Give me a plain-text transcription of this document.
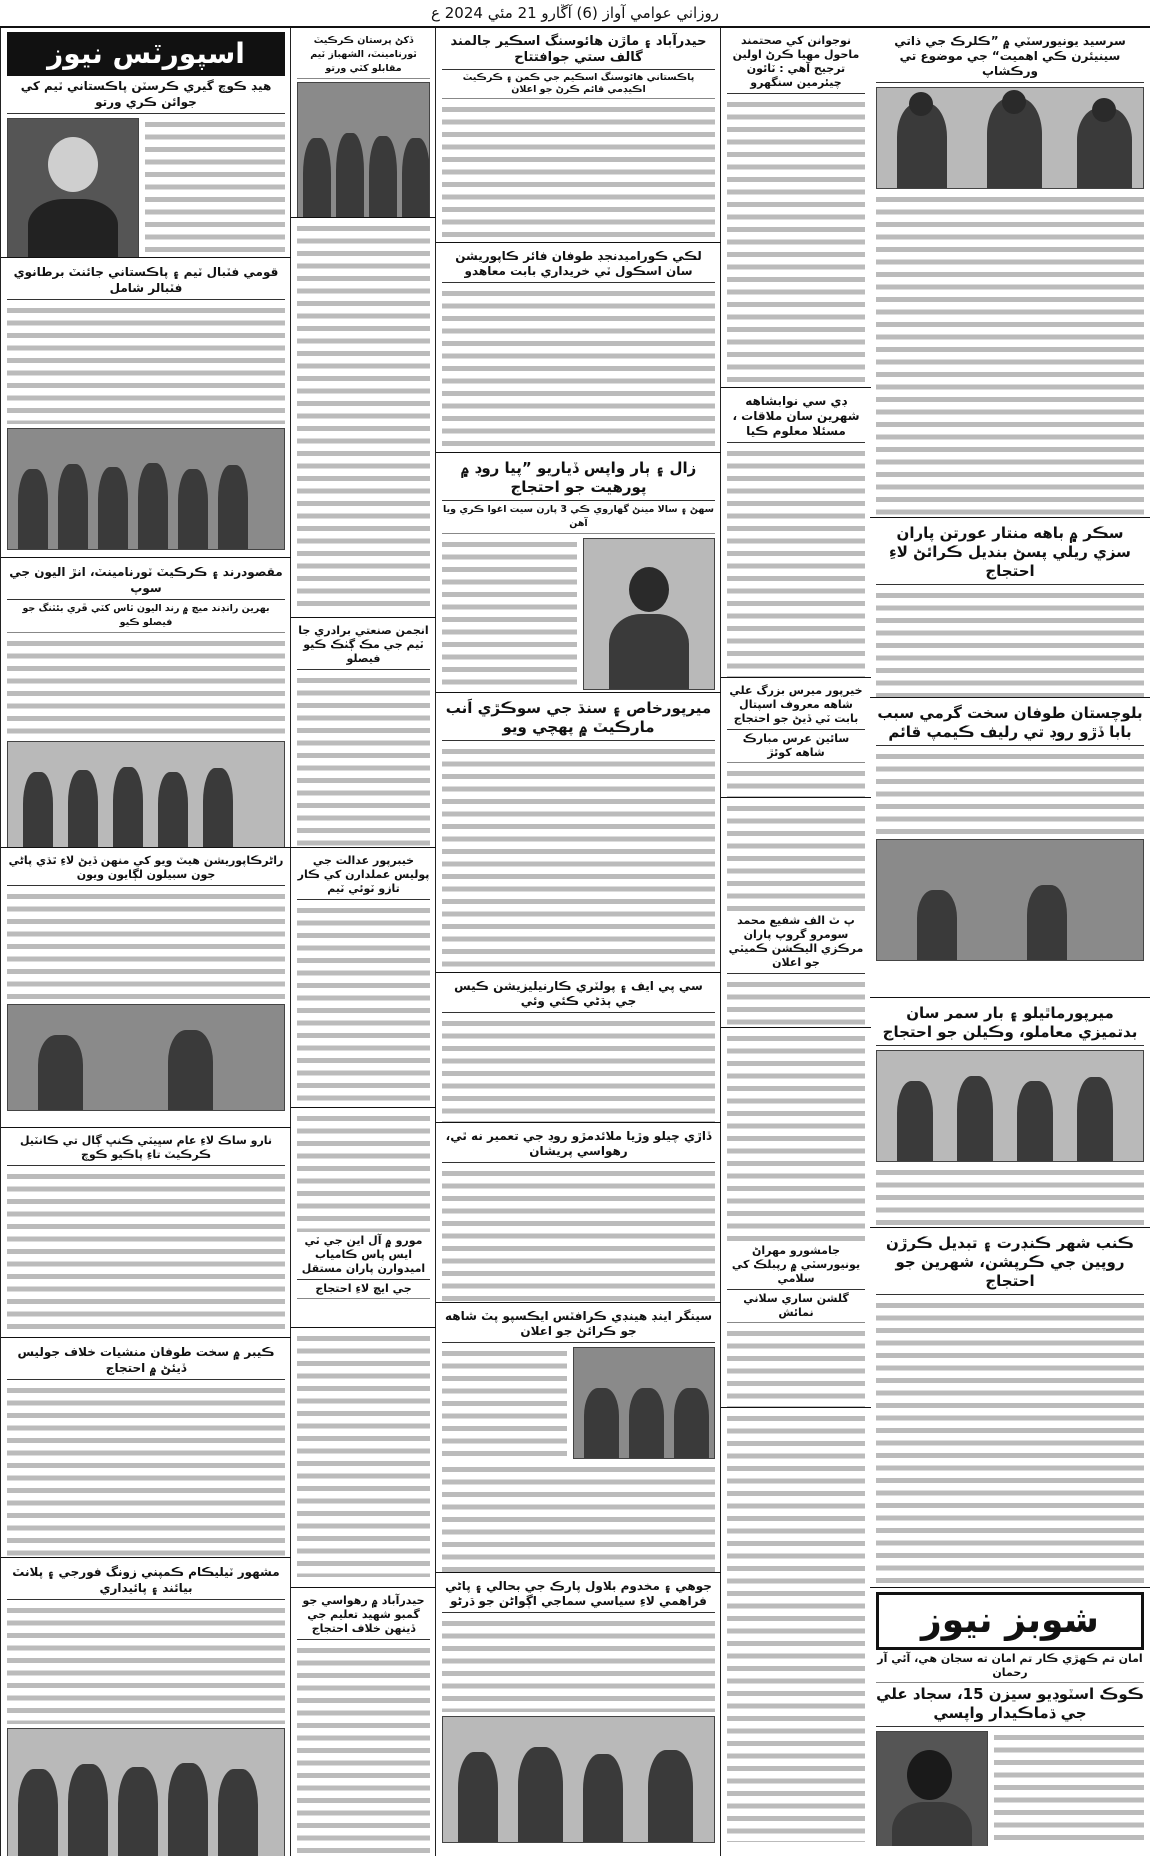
روزاني عوامي آواز (6) آڱارو 21 مئي 2024 ع
سرسيد يونيورسٽي ۾ ”ڪلرڪ جي ذاتي سينيئرن ڪي اهميت“ جي موضوع تي ورڪشاپ
سڪر ۾ باهه منتار عورتن پاران سزي ريلي پسڻ بنديل ڪرائڻ لاءِ احتجاج
بلوچستان طوفان سخت گرمي سبب بابا ڏڙو روڊ تي رليف ڪيمپ قائم
ميرپورماٿيلو ۽ بار سمر سان بدتميزي معاملو، وڪيلن جو احتجاج
ڪنب شهر ڪنڊرت ۽ تبديل ڪرڙن روپين جي ڪرپشن، شهرين جو احتجاج
شوبز نيوز
امان تم ڪهڙي ڪار تم امان ته سجان هي، آئي آر رحمان
ڪوڪ اسٽوڊيو سيزن 15، سجاد علي جي ڌماڪيدار واپسي
نوجوانن کي صحتمند ماحول مهيا ڪرڻ اولين ترجيح آهي : ٽائون چيئرمين سنگهرو
ڊي سي نوابشاهه شهرين سان ملاقات ، مسئلا معلوم ڪيا
خيرپور ميرس بزرگ علي شاهه معروف اسپتال بابت ٽي ڏيڻ جو احتجاج
سائين عرس مبارڪ شاهه کوئڙ
پ ٽ الف شفيع محمد سومرو گروپ پاران مرڪزي اليڪشن ڪميٽي جو اعلان
جامشورو مهراڻ يونيورسٽي ۾ رپبلڪ کي سلامي
گلشن ساري سلاني نمائش
حيدرآباد ۽ ماڙن هائوسنگ اسڪير جالمند گالف ستي جوافتتاح
پاڪستاني هائوسنگ اسڪيم جي ڪمن ۽ ڪرڪيٽ اڪيڊمي قائم ڪرڻ جو اعلان
لڪي ڪوراميدنجڊ طوفان فائر ڪاپوريشن سان اسڪول ٽي خريداري بابت معاهدو
زال ۽ ٻار واپس ڏياريو ”پيا روڊ ۾ پورهيت جو احتجاج
سهڻ ۽ سالا مينڻ گهاروي ڪي 3 پارن سيت اغوا ڪري ويا آهن
ميرپورخاص ۽ سنڌ جي سوڪڙي اَنب مارڪيٽ ۾ پهچي ويو
سي پي ايف ۽ پولٽري ڪارنيليزيشن ڪيس جي ٻڌڻي ڪئي وئي
ڏاڙي چيلو وڙيا ملائدمڙو روڊ جي تعمير نه ٿي، رهواسي پريشان
سينگر اينڊ هينڊي ڪرافٽس ايڪسپو پٽ شاهه جو ڪرائڻ جو اعلان
جوهي ۽ مخدوم بلاول پارڪ جي بحالي ۽ پاڻي فراهمي لاءِ سياسي سماجي اڳواڻن جو ڌرڻو
ڏکڻ پرستان ڪرڪيٽ ٽورنامينٽ، الشهباز ٽيم مقابلو کٽي ورتو
انجمن صنعتي برادري جا ٽيم جي مڪ ڳٺڪ ڪيو فيصلو
خيبرپور عدالت جي پوليس عملدارن کي ڪار تازو ٽوئي ٽيم
مورو ۾ آل اين جي ٽي ايس پاس ڪامياب اميدوارن پاران مستقل
جي ايچ لاءِ احتجاج
حيدرآباد ۾ رهواسي جو گمبو شهيد تعليم جي ڏينهن خلاف احتجاج
اسپورٽس نيوز
هيڊ ڪوچ گيري ڪرسٽن پاڪستاني ٽيم کي جوائن ڪري ورتو
قومي فٽبال ٽيم ۽ پاڪستاني جائنٽ برطانوي فٽبالر شامل
مقصودرند ۽ ڪرڪيٽ ٽورنامينٽ، انڙ اليون جي سوپ
بهرين رانڊند ميچ ۾ رند اليون ٽاس کٽي ڦري بئٽنگ جو فيصلو ڪيو
راڻرڪاپوريشن هيٽ ويو کي منهن ڏيڻ لاءِ ٿڌي پاڻي جون سبيلون لڳايون ويون
نارو ساڪ لاءِ عام سڀيٽي ڪنڀ ڳال تي ڪانٽيل ڪرڪيٽ تاءِ پاڪيو ڪوچ
ڪيبر ۾ سخت طوفان منشيات خلاف جوليس ڏيئڻ ۾ احتجاج
مشهور ٽيليڪام ڪمپني زونگ فورجي ۽ پلانٽ بيائند ۽ پائيداري
